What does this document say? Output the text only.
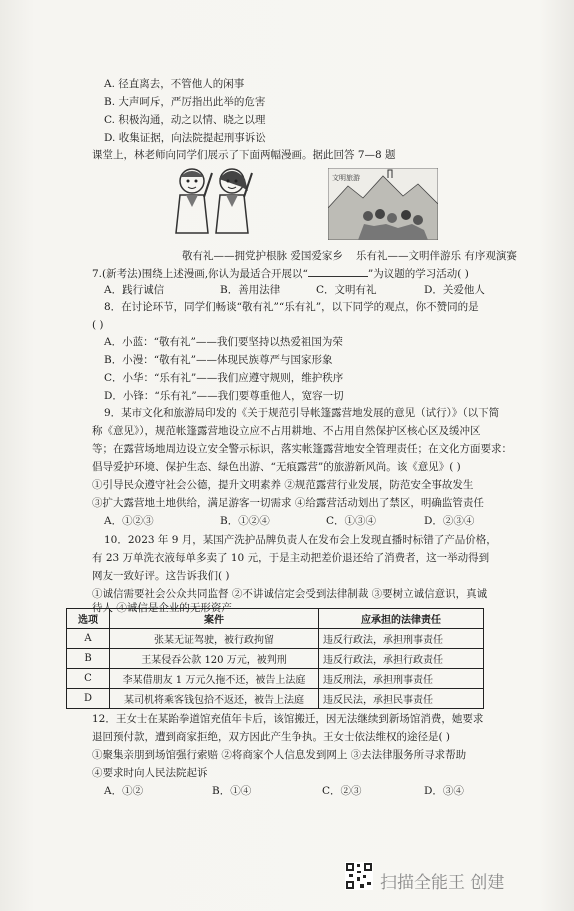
A. 径直离去，不管他人的闲事
B. 大声呵斥，严厉指出此举的危害
C. 积极沟通，动之以情、晓之以理
D. 收集证据，向法院提起刑事诉讼
课堂上，林老师向同学们展示了下面两幅漫画。据此回答 7—8 题
文明旅游
敬有礼——拥党护根脉 爱国爱家乡 乐有礼——文明伴游乐 有序观演赛
7.(新考法)围绕上述漫画,你认为最适合开展以“	”为议题的学习活动( )
A．践行诚信	B．善用法律	C．文明有礼	D．关爱他人
8．在讨论环节，同学们畅谈“敬有礼”“乐有礼”，以下同学的观点，你不赞同的是
( )
A．小蓝：“敬有礼”——我们要坚持以热爱祖国为荣
B．小漫：“敬有礼”——体现民族尊严与国家形象
C．小华：“乐有礼”——我们应遵守规则，维护秩序
D．小锋：“乐有礼”——我们要尊重他人，宽容一切
9．某市文化和旅游局印发的《关于规范引导帐篷露营地发展的意见（试行）》（以下简
称《意见》），规范帐篷露营地设立应不占用耕地、不占用自然保护区核心区及缓冲区
等；在露营场地周边设立安全警示标识，落实帐篷露营地安全管理责任；在文化方面要求：
倡导爱护环境、保护生态、绿色出游、“无痕露营”的旅游新风尚。该《意见》( )
①引导民众遵守社会公德，提升文明素养 ②规范露营行业发展，防范安全事故发生
③扩大露营地土地供给，满足游客一切需求 ④给露营活动划出了禁区，明确监管责任
A．①②③	B．①②④	C．①③④	D．②③④
10．2023 年 9 月，某国产洗护品牌负责人在发布会上发现直播时标错了产品价格，
有 23 万单洗衣液每单多卖了 10 元，于是主动把差价退还给了消费者，这一举动得到
网友一致好评。这告诉我们( )
①诚信需要社会公众共同监督 ②不讲诚信定会受到法律制裁 ③要树立诚信意识，真诚待人 ④诚信是企业的无形资产
选项	案件	应承担的法律责任
A	张某无证驾驶，被行政拘留	违反行政法，承担刑事责任
B	王某侵吞公款 120 万元，被判刑	违反行政法，承担行政责任
C	李某借朋友 1 万元久拖不还，被告上法庭	违反刑法，承担刑事责任
D	某司机将乘客钱包拾不返还，被告上法庭	违反民法，承担民事责任
12．王女士在某跆拳道馆充值年卡后，该馆搬迁，因无法继续到新场馆消费，她要求
退回预付款，遭到商家拒绝，双方因此产生争执。王女士依法维权的途径是( )
①聚集亲朋到场馆强行索赔 ②将商家个人信息发到网上 ③去法律服务所寻求帮助
④要求时向人民法院起诉
A．①②	B．①④	C．②③	D．③④
扫描全能王 创建
